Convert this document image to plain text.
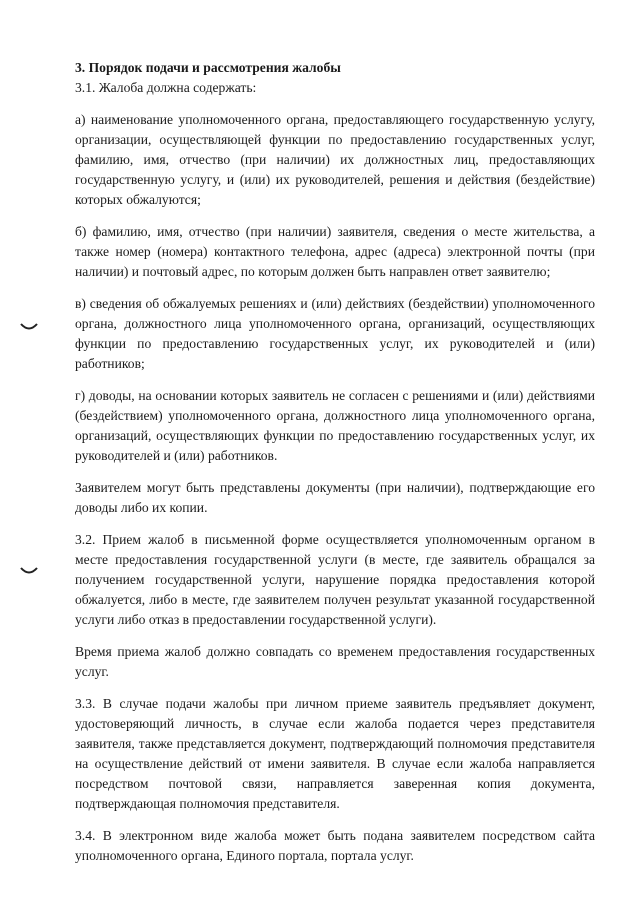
3. Порядок подачи и рассмотрения жалобы

3.1. Жалоба должна содержать:

а) наименование уполномоченного органа, предоставляющего государственную услугу, организации, осуществляющей функции по предоставлению государственных услуг, фамилию, имя, отчество (при наличии) их должностных лиц, предоставляющих государственную услугу, и (или) их руководителей, решения и действия (бездействие) которых обжалуются;

б) фамилию, имя, отчество (при наличии) заявителя, сведения о месте жительства, а также номер (номера) контактного телефона, адрес (адреса) электронной почты (при наличии) и почтовый адрес, по которым должен быть направлен ответ заявителю;

в) сведения об обжалуемых решениях и (или) действиях (бездействии) уполномоченного органа, должностного лица уполномоченного органа, организаций, осуществляющих функции по предоставлению государственных услуг, их руководителей и (или) работников;

г) доводы, на основании которых заявитель не согласен с решениями и (или) действиями (бездействием) уполномоченного органа, должностного лица уполномоченного органа, организаций, осуществляющих функции по предоставлению государственных услуг, их руководителей и (или) работников.

Заявителем могут быть представлены документы (при наличии), подтверждающие его доводы либо их копии.

3.2. Прием жалоб в письменной форме осуществляется уполномоченным органом в месте предоставления государственной услуги (в месте, где заявитель обращался за получением государственной услуги, нарушение порядка предоставления которой обжалуется, либо в месте, где заявителем получен результат указанной государственной услуги либо отказ в предоставлении государственной услуги).

Время приема жалоб должно совпадать со временем предоставления государственных услуг.

3.3. В случае подачи жалобы при личном приеме заявитель предъявляет документ, удостоверяющий личность, в случае если жалоба подается через представителя заявителя, также представляется документ, подтверждающий полномочия представителя на осуществление действий от имени заявителя. В случае если жалоба направляется посредством почтовой связи, направляется заверенная копия документа, подтверждающая полномочия представителя.

3.4. В электронном виде жалоба может быть подана заявителем посредством сайта уполномоченного органа, Единого портала, портала услуг.
